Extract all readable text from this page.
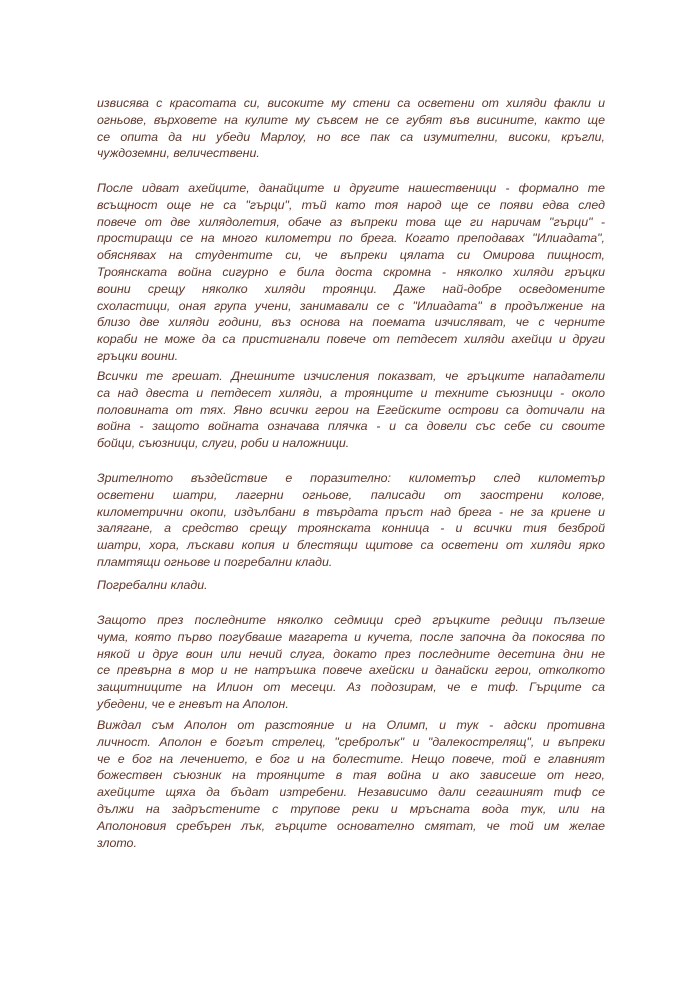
извисява с красотата си, високите му стени са осветени от хиляди факли и
огньове, върховете на кулите му съвсем не се губят във висините, както ще
се опита да ни убеди Марлоу, но все пак са изумителни, високи, кръгли,
чуждоземни, величествени.
После идват ахейците, данайците и другите нашественици - формално те
всъщност още не са "гърци", тъй като тоя народ ще се появи едва след
повече от две хилядолетия, обаче аз въпреки това ще ги наричам "гърци" -
простиращи се на много километри по брега. Когато преподавах "Илиадата",
обяснявах на студентите си, че въпреки цялата си Омирова пищност,
Троянската война сигурно е била доста скромна - няколко хиляди гръцки
воини срещу няколко хиляди троянци. Даже най-добре осведомените
схоластици, оная група учени, занимавали се с "Илиадата" в продължение на
близо две хиляди години, въз основа на поемата изчисляват, че с черните
кораби не може да са пристигнали повече от петдесет хиляди ахейци и други
гръцки воини.
Всички те грешат. Днешните изчисления показват, че гръцките нападатели
са над двеста и петдесет хиляди, а троянците и техните съюзници - около
половината от тях. Явно всички герои на Егейските острови са дотичали на
война - защото войната означава плячка - и са довели със себе си своите
бойци, съюзници, слуги, роби и наложници.
Зрителното въздействие е поразително: километър след километър
осветени шатри, лагерни огньове, палисади от заострени колове,
километрични окопи, издълбани в твърдата пръст над брега - не за криене и
залягане, а средство срещу троянската конница - и всички тия безброй
шатри, хора, лъскави копия и блестящи щитове са осветени от хиляди ярко
пламтящи огньове и погребални клади.
Погребални клади.
Защото през последните няколко седмици сред гръцките редици пълзеше
чума, която първо погубваше магарета и кучета, после започна да покосява по
някой и друг воин или нечий слуга, докато през последните десетина дни не
се превърна в мор и не натръшка повече ахейски и данайски герои, отколкото
защитниците на Илион от месеци. Аз подозирам, че е тиф. Гърците са
убедени, че е гневът на Аполон.
Виждал съм Аполон от разстояние и на Олимп, и тук - адски противна
личност. Аполон е богът стрелец, "сребролък" и "далекострелящ", и въпреки
че е бог на лечението, е бог и на болестите. Нещо повече, той е главният
божествен съюзник на троянците в тая война и ако зависеше от него,
ахейците щяха да бъдат изтребени. Независимо дали сегашният тиф се
дължи на задръстените с трупове реки и мръсната вода тук, или на
Аполоновия сребърен лък, гърците основателно смятат, че той им желае
злото.
